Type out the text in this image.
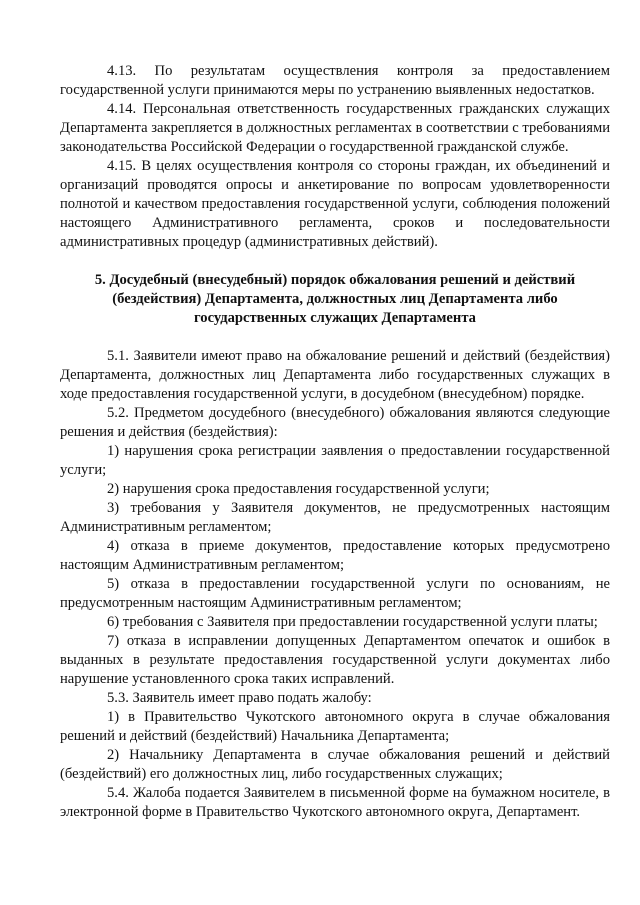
4.13. По результатам осуществления контроля за предоставлением государственной услуги принимаются меры по устранению выявленных недостатков.

4.14. Персональная ответственность государственных гражданских служащих Департамента закрепляется в должностных регламентах в соответствии с требованиями законодательства Российской Федерации о государственной гражданской службе.

4.15. В целях осуществления контроля со стороны граждан, их объединений и организаций проводятся опросы и анкетирование по вопросам удовлетворенности полнотой и качеством предоставления государственной услуги, соблюдения положений настоящего Административного регламента, сроков и последовательности административных процедур (административных действий).

5. Досудебный (внесудебный) порядок обжалования решений и действий
(бездействия) Департамента, должностных лиц Департамента либо
государственных служащих Департамента

5.1. Заявители имеют право на обжалование решений и действий (бездействия) Департамента, должностных лиц Департамента либо государственных служащих в ходе предоставления государственной услуги, в досудебном (внесудебном) порядке.

5.2. Предметом досудебного (внесудебного) обжалования являются следующие решения и действия (бездействия):

1) нарушения срока регистрации заявления о предоставлении государственной услуги;

2) нарушения срока предоставления государственной услуги;

3) требования у Заявителя документов, не предусмотренных настоящим Административным регламентом;

4) отказа в приеме документов, предоставление которых предусмотрено настоящим Административным регламентом;

5) отказа в предоставлении государственной услуги по основаниям, не предусмотренным настоящим Административным регламентом;

6) требования с Заявителя при предоставлении государственной услуги платы;

7) отказа в исправлении допущенных Департаментом опечаток и ошибок в выданных в результате предоставления государственной услуги документах либо нарушение установленного срока таких исправлений.

5.3. Заявитель имеет право подать жалобу:

1) в Правительство Чукотского автономного округа в случае обжалования решений и действий (бездействий) Начальника Департамента;

2) Начальнику Департамента в случае обжалования решений и действий (бездействий) его должностных лиц, либо государственных служащих;

5.4. Жалоба подается Заявителем в письменной форме на бумажном носителе, в электронной форме в Правительство Чукотского автономного округа, Департамент.
